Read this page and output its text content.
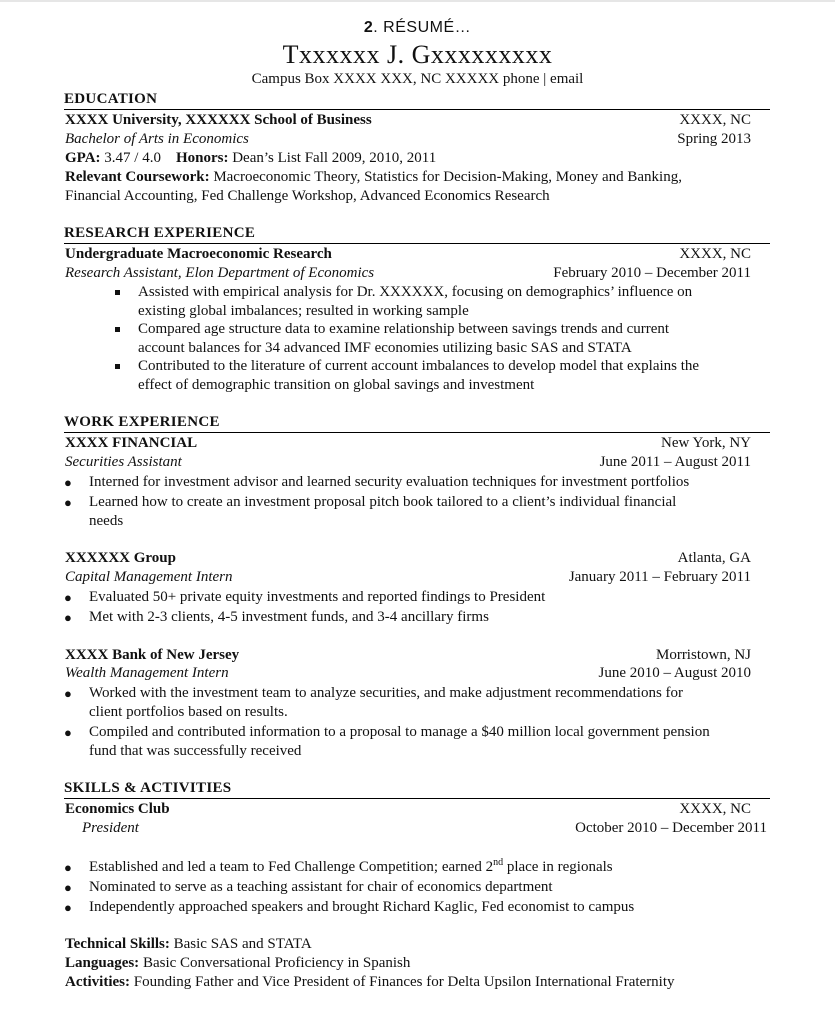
2. RÉSUMÉ…
Txxxxxx J. Gxxxxxxxxx
Campus Box XXXX XXX, NC XXXXX phone | email
EDUCATION
XXXX University, XXXXXX School of Business	XXXX, NC
Bachelor of Arts in Economics	Spring 2013
GPA: 3.47 / 4.0 Honors: Dean’s List Fall 2009, 2010, 2011
Relevant Coursework: Macroeconomic Theory, Statistics for Decision-Making, Money and Banking,
Financial Accounting, Fed Challenge Workshop, Advanced Economics Research
RESEARCH EXPERIENCE
Undergraduate Macroeconomic Research	XXXX, NC
Research Assistant, Elon Department of Economics	February 2010 – December 2011
Assisted with empirical analysis for Dr. XXXXXX, focusing on demographics’ influence on
existing global imbalances; resulted in working sample
Compared age structure data to examine relationship between savings trends and current
account balances for 34 advanced IMF economies utilizing basic SAS and STATA
Contributed to the literature of current account imbalances to develop model that explains the
effect of demographic transition on global savings and investment
WORK EXPERIENCE
XXXX FINANCIAL	New York, NY
Securities Assistant	June 2011 – August 2011
● Interned for investment advisor and learned security evaluation techniques for investment portfolios
● Learned how to create an investment proposal pitch book tailored to a client’s individual financial
needs
XXXXXX Group	Atlanta, GA
Capital Management Intern	January 2011 – February 2011
● Evaluated 50+ private equity investments and reported findings to President
● Met with 2-3 clients, 4-5 investment funds, and 3-4 ancillary firms
XXXX Bank of New Jersey	Morristown, NJ
Wealth Management Intern	June 2010 – August 2010
● Worked with the investment team to analyze securities, and make adjustment recommendations for
client portfolios based on results.
● Compiled and contributed information to a proposal to manage a $40 million local government pension
fund that was successfully received
SKILLS & ACTIVITIES
Economics Club	XXXX, NC
President	October 2010 – December 2011
● Established and led a team to Fed Challenge Competition; earned 2nd place in regionals
● Nominated to serve as a teaching assistant for chair of economics department
● Independently approached speakers and brought Richard Kaglic, Fed economist to campus
Technical Skills: Basic SAS and STATA
Languages: Basic Conversational Proficiency in Spanish
Activities: Founding Father and Vice President of Finances for Delta Upsilon International Fraternity
